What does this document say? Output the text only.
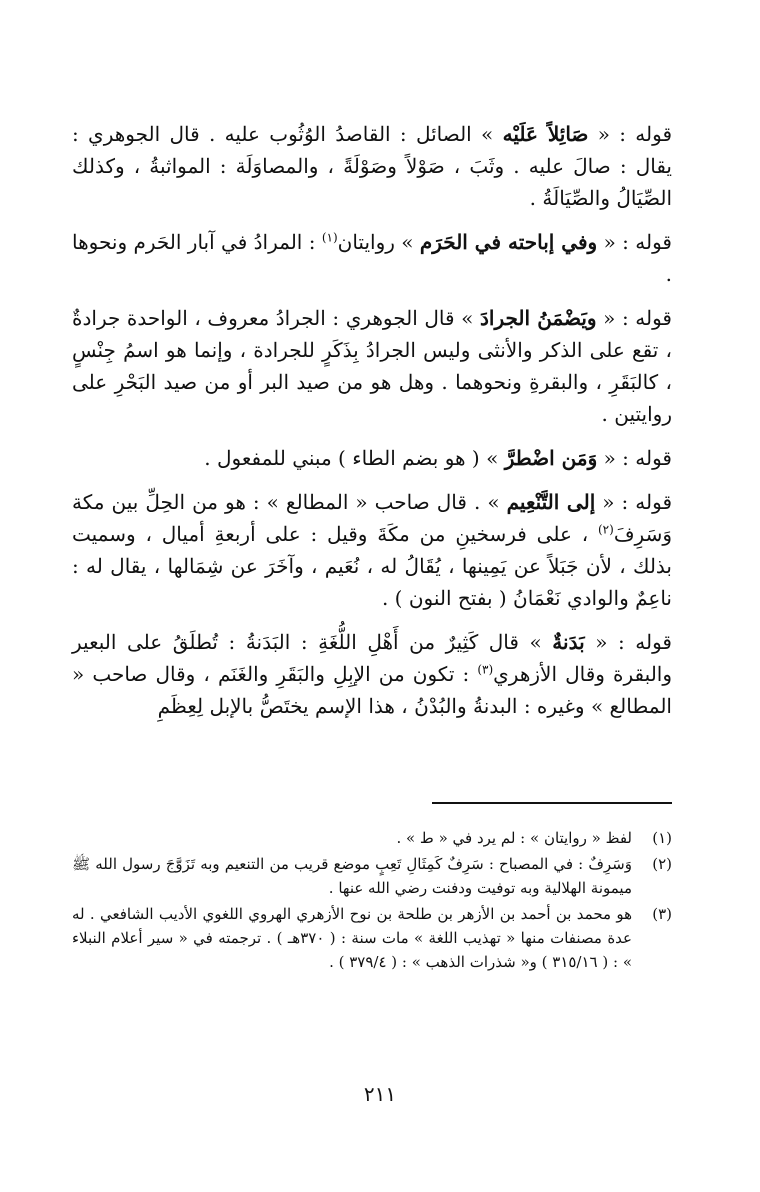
قوله : « صَائِلاً عَلَيْه » الصائل : القاصدُ الوُثُوب عليه . قال الجوهري : يقال : صالَ عليه . وثَبَ ، صَوْلاً وصَوْلَةً ، والمصاوَلَة : المواثبةُ ، وكذلك الصِّيَالُ والصِّيَالَةُ .

قوله : « وفي إباحته في الحَرَم » روايتان$^{(١)}$ : المرادُ في آبار الحَرم ونحوها .

قوله : « ويَضْمَنُ الجرادَ » قال الجوهري : الجرادُ معروف ، الواحدة جرادةٌ ، تقع على الذكر والأنثى وليس الجرادُ بِذَكَرٍ للجرادة ، وإنما هو اسمُ جِنْسٍ ، كالبَقَرِ ، والبقرةِ ونحوهما . وهل هو من صيد البر أو من صيد البَحْرِ على روايتين .

قوله : « وَمَن اضْطرَّ » ( هو بضم الطاء ) مبني للمفعول .

قوله : « إلى التَّنْعِيم » . قال صاحب « المطالع » : هو من الحِلِّ بين مكة وَسَرِفَ$^{(٢)}$ ، على فرسخينِ من مكَةَ وقيل : على أربعةِ أميال ، وسميت بذلك ، لأن جَبَلاً عن يَمِينها ، يُقَالُ له ، نُعَيم ، وآخَرَ عن شِمَالها ، يقال له : ناعِمٌ والوادي نَعْمَانُ ( بفتح النون ) .

قوله : « بَدَنةٌ » قال كَثِيرٌ من أَهْلِ اللُّغَةِ : البَدَنةُ : تُطلَقُ على البعير والبقرة وقال الأزهري$^{(٣)}$ : تكون من الإبِلِ والبَقَرِ والغَنَم ، وقال صاحب « المطالع » وغيره : البدنةُ والبُدْنُ ، هذا الإسم يختَصُّ بالإبل لِعِظَمِ

(١)
لفظ « روايتان » : لم يرد في « ط » .

(٢)
وَسَرِفٌ : في المصباح : سَرِفٌ كَمِثَالِ تَعِبٍ موضع قريب من التنعيم وبه تَزَوَّجَ رسول الله ﷺ ميمونة الهلالية وبه توفيت ودفنت رضي الله عنها .

(٣)
هو محمد بن أحمد بن الأزهر بن طلحة بن نوح الأزهري الهروي اللغوي الأديب الشافعي . له عدة مصنفات منها « تهذيب اللغة » مات سنة : ( ٣٧٠هـ ) . ترجمته في « سير أعلام النبلاء » : ( ٣١٥/١٦ ) و« شذرات الذهب » : ( ٣٧٩/٤ ) .

٢١١
